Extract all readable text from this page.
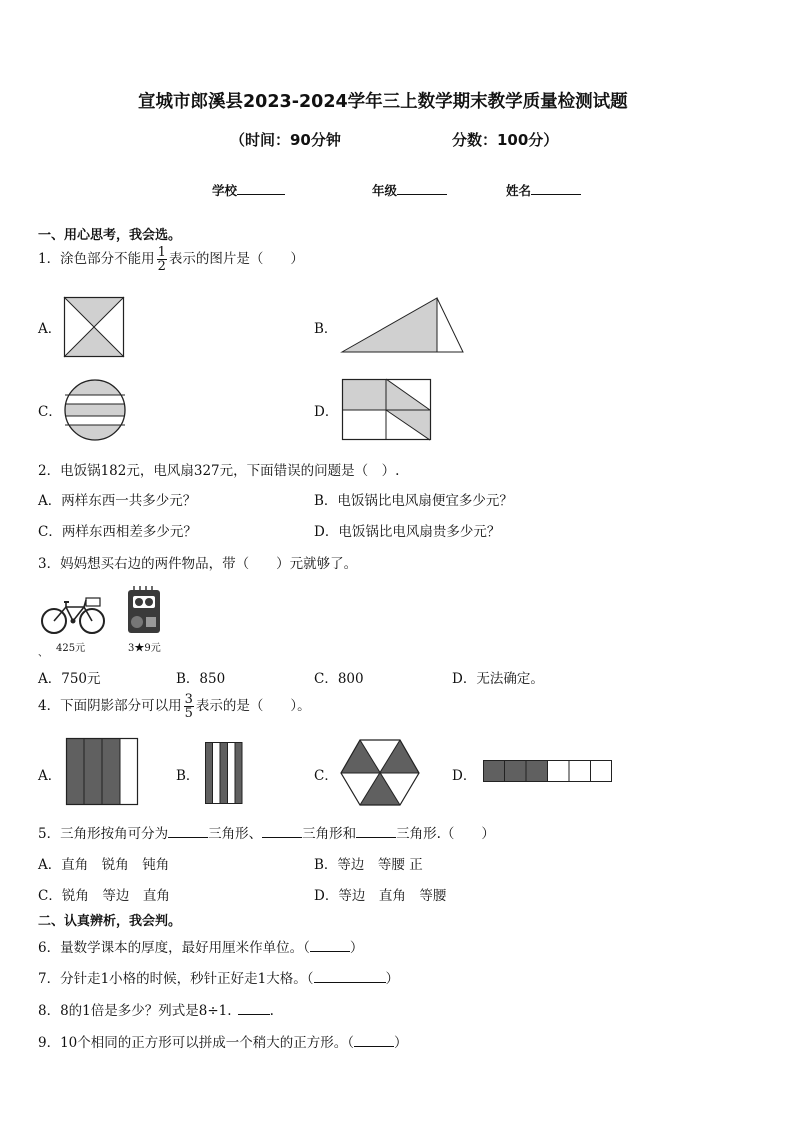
宣城市郎溪县2023-2024学年三上数学期末教学质量检测试题
（时间：90分钟	分数：100分）
学校	年级	姓名
一、用心思考，我会选。
1．涂色部分不能用 $\frac{1}{2}$ 表示的图片是（　　）
A．	B．
C．	D．
2．电饭锅182元，电风扇327元，下面错误的问题是（　）.
A．两样东西一共多少元？	B．电饭锅比电风扇便宜多少元？
C．两样东西相差多少元？	D．电饭锅比电风扇贵多少元？
3．妈妈想买右边的两件物品，带（　　）元就够了。
425元	3★9元
、
A．750元	B．850	C．800	D．无法确定。
4．下面阴影部分可以用 $\frac{3}{5}$ 表示的是（　　）。
A．	B．	C．	D．
5．三角形按角可分为	三角形、	三角形和	三角形.（　　）
A．直角　锐角　钝角	B．等边　等腰 正
C．锐角　等边　直角	D．等边　直角　等腰
二、认真辨析，我会判。
6．量数学课本的厚度，最好用厘米作单位。（	）
7．分针走1小格的时候，秒针正好走1大格。（	）
8．8的1倍是多少？列式是8÷1.	.
9．10个相同的正方形可以拼成一个稍大的正方形。（	）
